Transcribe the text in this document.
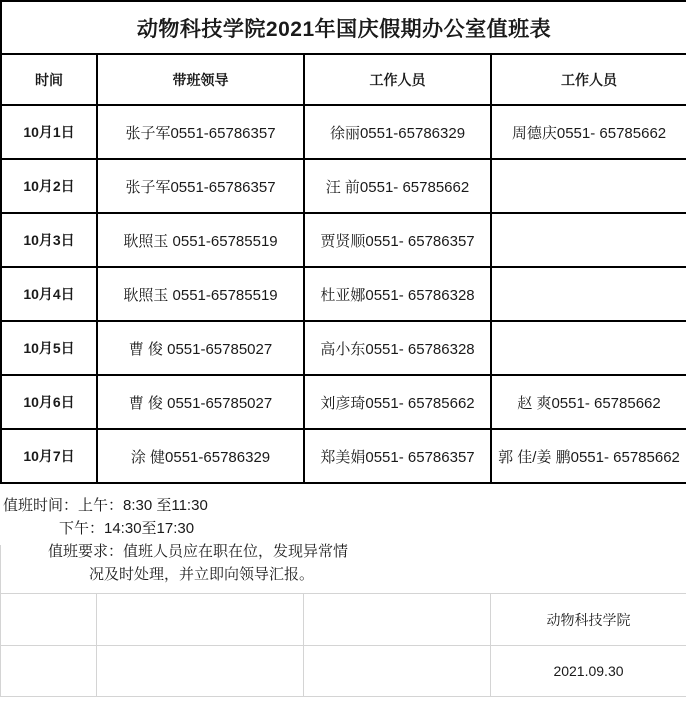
动物科技学院2021年国庆假期办公室值班表			
时间	带班领导	工作人员	工作人员
10月1日	张子军0551-65786357	徐丽0551-65786329	周德庆0551- 65785662
10月2日	张子军0551-65786357	汪 前0551- 65785662	
10月3日	耿照玉 0551-65785519	贾贤顺0551- 65786357	
10月4日	耿照玉 0551-65785519	杜亚娜0551- 65786328	
10月5日	曹 俊 0551-65785027	高小东0551- 65786328	
10月6日	曹 俊 0551-65785027	刘彦琦0551- 65785662	赵 爽0551- 65785662
10月7日	涂 健0551-65786329	郑美娟0551- 65786357	郭 佳/姜 鹏0551- 65785662
值班时间：上午：8:30 至11:30
下午：14:30至17:30
值班要求：值班人员应在职在位，发现异常情
况及时处理，并立即向领导汇报。
			动物科技学院
			2021.09.30
